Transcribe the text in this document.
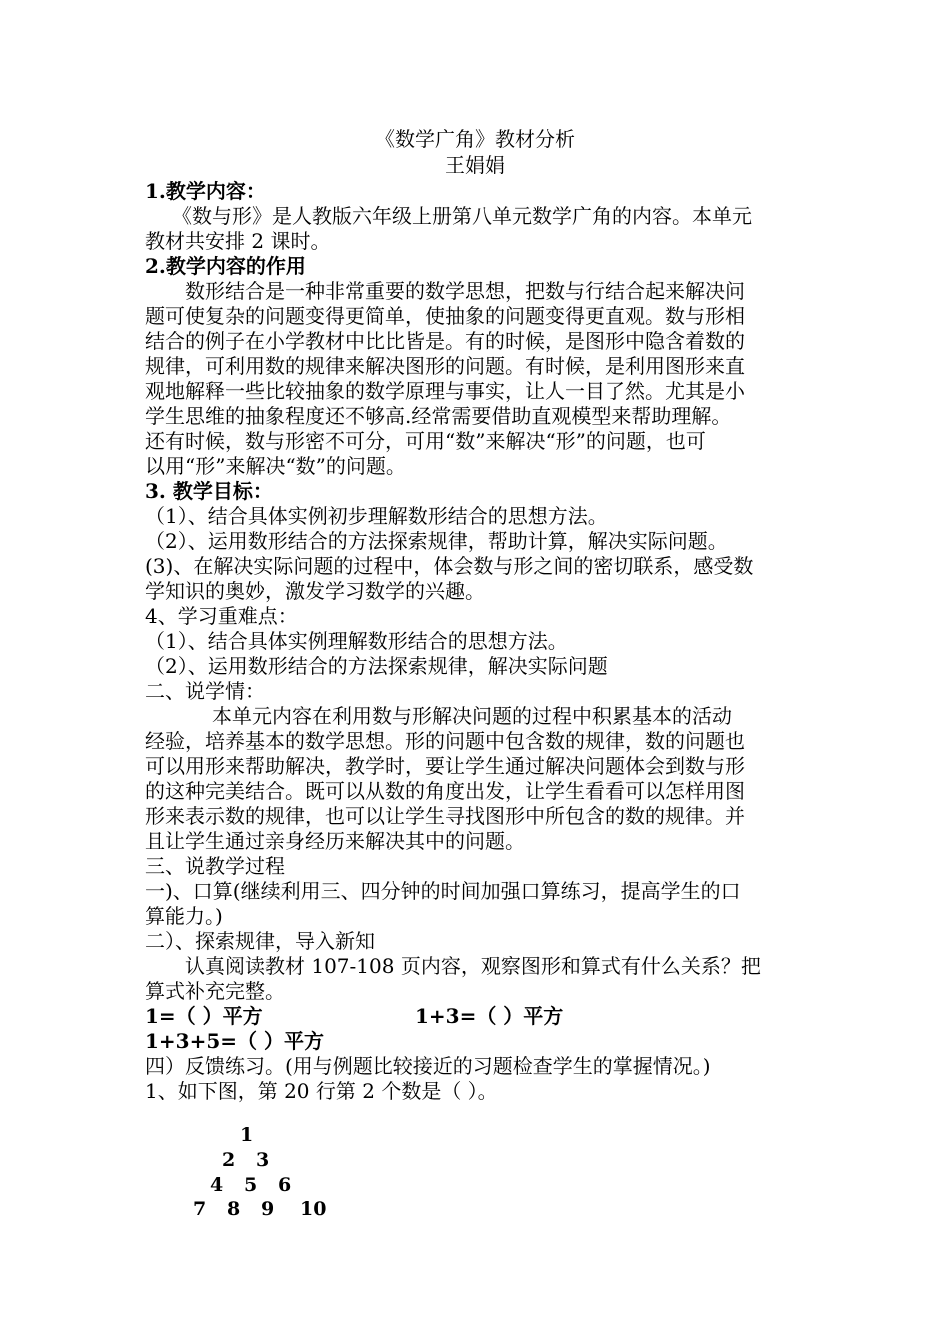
《数学广角》教材分析
王娟娟
1.教学内容：
《数与形》是人教版六年级上册第八单元数学广角的内容。本单元
教材共安排 2 课时。
2.教学内容的作用
数形结合是一种非常重要的数学思想，把数与行结合起来解决问
题可使复杂的问题变得更简单，使抽象的问题变得更直观。数与形相
结合的例子在小学教材中比比皆是。有的时候，是图形中隐含着数的
规律，可利用数的规律来解决图形的问题。有时候，是利用图形来直
观地解释一些比较抽象的数学原理与事实，让人一目了然。尤其是小
学生思维的抽象程度还不够高.经常需要借助直观模型来帮助理解。
还有时候，数与形密不可分，可用“数”来解决“形”的问题，也可
以用“形”来解决“数”的问题。
3. 教学目标：
（1）、结合具体实例初步理解数形结合的思想方法。
（2）、运用数形结合的方法探索规律，帮助计算，解决实际问题。
(3)、在解决实际问题的过程中，体会数与形之间的密切联系，感受数
学知识的奥妙，激发学习数学的兴趣。
4、学习重难点：
（1）、结合具体实例理解数形结合的思想方法。
（2）、运用数形结合的方法探索规律，解决实际问题
二、说学情：
本单元内容在利用数与形解决问题的过程中积累基本的活动
经验，培养基本的数学思想。形的问题中包含数的规律，数的问题也
可以用形来帮助解决，教学时，要让学生通过解决问题体会到数与形
的这种完美结合。既可以从数的角度出发，让学生看看可以怎样用图
形来表示数的规律，也可以让学生寻找图形中所包含的数的规律。并
且让学生通过亲身经历来解决其中的问题。
三、说教学过程
一)、口算(继续利用三、四分钟的时间加强口算练习，提高学生的口
算能力。)
二）、探索规律，导入新知
认真阅读教材 107-108 页内容，观察图形和算式有什么关系？把
算式补充完整。
1=（ ）平方	1+3=（ ）平方
1+3+5=（ ）平方
四）反馈练习。(用与例题比较接近的习题检查学生的掌握情况。)
1、如下图，第 20 行第 2 个数是（ ）。
1
2 3
4 5 6
7 8 9 10
